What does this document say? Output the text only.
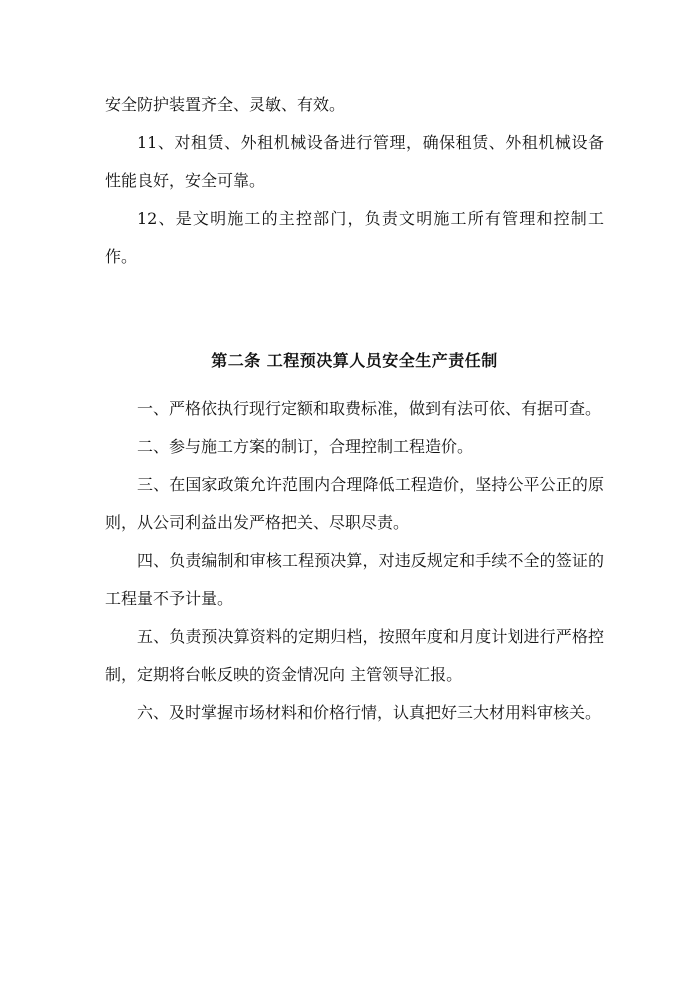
安全防护装置齐全、灵敏、有效。

11、对租赁、外租机械设备进行管理，确保租赁、外租机械设备性能良好，安全可靠。

12、是文明施工的主控部门，负责文明施工所有管理和控制工作。

第二条 工程预决算人员安全生产责任制

一、严格依执行现行定额和取费标准，做到有法可依、有据可查。

二、参与施工方案的制订，合理控制工程造价。

三、在国家政策允许范围内合理降低工程造价，坚持公平公正的原则，从公司利益出发严格把关、尽职尽责。

四、负责编制和审核工程预决算，对违反规定和手续不全的签证的工程量不予计量。

五、负责预决算资料的定期归档，按照年度和月度计划进行严格控制，定期将台帐反映的资金情况向 主管领导汇报。

六、及时掌握市场材料和价格行情，认真把好三大材用料审核关。
